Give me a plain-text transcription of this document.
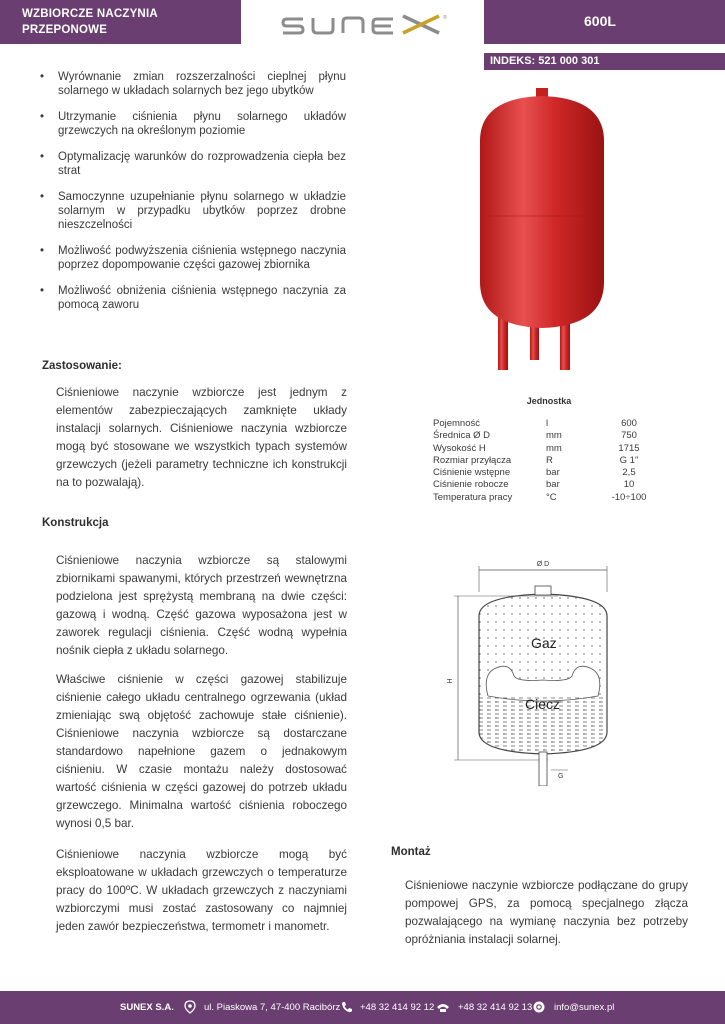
WZBIORCZE NACZYNIA
PRZEPONOWE
®	600L
INDEKS: 521 000 301
• Wyrównanie zmian rozszerzalności cieplnej płynu solarnego w układach solarnych bez jego ubytków
• Utrzymanie ciśnienia płynu solarnego układów grzewczych na określonym poziomie
• Optymalizację warunków do rozprowadzenia ciepła bez strat
• Samoczynne uzupełnianie płynu solarnego w układzie solarnym w przypadku ubytków poprzez drobne nieszczelności
• Możliwość podwyższenia ciśnienia wstępnego naczynia poprzez dopompowanie części gazowej zbiornika
• Możliwość obniżenia ciśnienia wstępnego naczynia za pomocą zaworu
Zastosowanie:
Ciśnieniowe naczynie wzbiorcze jest jednym z elementów zabezpieczających zamknięte układy instalacji solarnych. Ciśnieniowe naczynia wzbiorcze mogą być stosowane we wszystkich typach systemów grzewczych (jeżeli parametry techniczne ich konstrukcji na to pozwalają).
Jednostka
Pojemność	l	600
Średnica Ø D	mm	750
Wysokość H	mm	1715
Rozmiar przyłącza	R	G 1"
Ciśnienie wstępne	bar	2,5
Ciśnienie robocze	bar	10
Temperatura pracy	°C	-10÷100
Konstrukcja
Ciśnieniowe naczynia wzbiorcze są stalowymi zbiornikami spawanymi, których przestrzeń wewnętrzna podzielona jest sprężystą membraną na dwie części: gazową i wodną. Część gazowa wyposażona jest w zaworek regulacji ciśnienia. Część wodną wypełnia nośnik ciepła z układu solarnego.
Właściwe ciśnienie w części gazowej stabilizuje ciśnienie całego układu centralnego ogrzewania (układ zmieniając swą objętość zachowuje stałe ciśnienie). Ciśnieniowe naczynia wzbiorcze są dostarczane standardowo napełnione gazem o jednakowym ciśnieniu. W czasie montażu należy dostosować wartość ciśnienia w części gazowej do potrzeb układu grzewczego. Minimalna wartość ciśnienia roboczego wynosi 0,5 bar.
Ciśnieniowe naczynia wzbiorcze mogą być eksploatowane w układach grzewczych o temperaturze pracy do 100ºC. W układach grzewczych z naczyniami wzbiorczymi musi zostać zastosowany co najmniej jeden zawór bezpieczeństwa, termometr i manometr.
Ø D
H
G
Gaz
Ciecz
Montaż
Ciśnieniowe naczynie wzbiorcze podłączane do grupy pompowej GPS, za pomocą specjalnego złącza pozwalającego na wymianę naczynia bez potrzeby opróżniania instalacji solarnej.
SUNEX S.A.	ul. Piaskowa 7, 47-400 Racibórz +48 32 414 92 12	+48 32 414 92 13 info@sunex.pl
